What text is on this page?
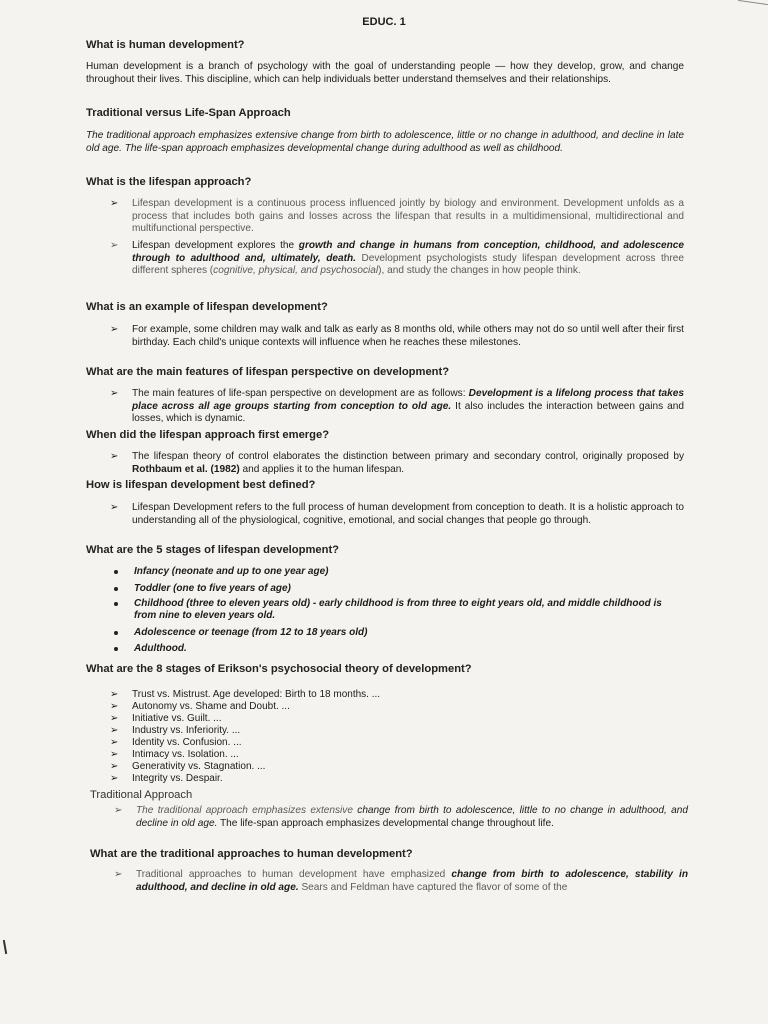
EDUC. 1
What is human development?
Human development is a branch of psychology with the goal of understanding people — how they develop, grow, and change throughout their lives. This discipline, which can help individuals better understand themselves and their relationships.
Traditional versus Life-Span Approach
The traditional approach emphasizes extensive change from birth to adolescence, little or no change in adulthood, and decline in late old age. The life-span approach emphasizes developmental change during adulthood as well as childhood.
What is the lifespan approach?
➢ Lifespan development is a continuous process influenced jointly by biology and environment. Development unfolds as a process that includes both gains and losses across the lifespan that results in a multidimensional, multidirectional and multifunctional perspective.
➢ Lifespan development explores the growth and change in humans from conception, childhood, and adolescence through to adulthood and, ultimately, death. Development psychologists study lifespan development across three different spheres (cognitive, physical, and psychosocial), and study the changes in how people think.
What is an example of lifespan development?
➢ For example, some children may walk and talk as early as 8 months old, while others may not do so until well after their first birthday. Each child's unique contexts will influence when he reaches these milestones.
What are the main features of lifespan perspective on development?
➢ The main features of life-span perspective on development are as follows: Development is a lifelong process that takes place across all age groups starting from conception to old age. It also includes the interaction between gains and losses, which is dynamic.
When did the lifespan approach first emerge?
➢ The lifespan theory of control elaborates the distinction between primary and secondary control, originally proposed by Rothbaum et al. (1982) and applies it to the human lifespan.
How is lifespan development best defined?
➢ Lifespan Development refers to the full process of human development from conception to death. It is a holistic approach to understanding all of the physiological, cognitive, emotional, and social changes that people go through.
What are the 5 stages of lifespan development?
Infancy (neonate and up to one year age)
Toddler (one to five years of age)
Childhood (three to eleven years old) - early childhood is from three to eight years old, and middle childhood is from nine to eleven years old.
Adolescence or teenage (from 12 to 18 years old)
Adulthood.
What are the 8 stages of Erikson's psychosocial theory of development?
➢ Trust vs. Mistrust. Age developed: Birth to 18 months. ...
➢ Autonomy vs. Shame and Doubt. ...
➢ Initiative vs. Guilt. ...
➢ Industry vs. Inferiority. ...
➢ Identity vs. Confusion. ...
➢ Intimacy vs. Isolation. ...
➢ Generativity vs. Stagnation. ...
➢ Integrity vs. Despair.
Traditional Approach
➢ The traditional approach emphasizes extensive change from birth to adolescence, little to no change in adulthood, and decline in old age. The life-span approach emphasizes developmental change throughout life.
What are the traditional approaches to human development?
➢ Traditional approaches to human development have emphasized change from birth to adolescence, stability in adulthood, and decline in old age. Sears and Feldman have captured the flavor of some of the
